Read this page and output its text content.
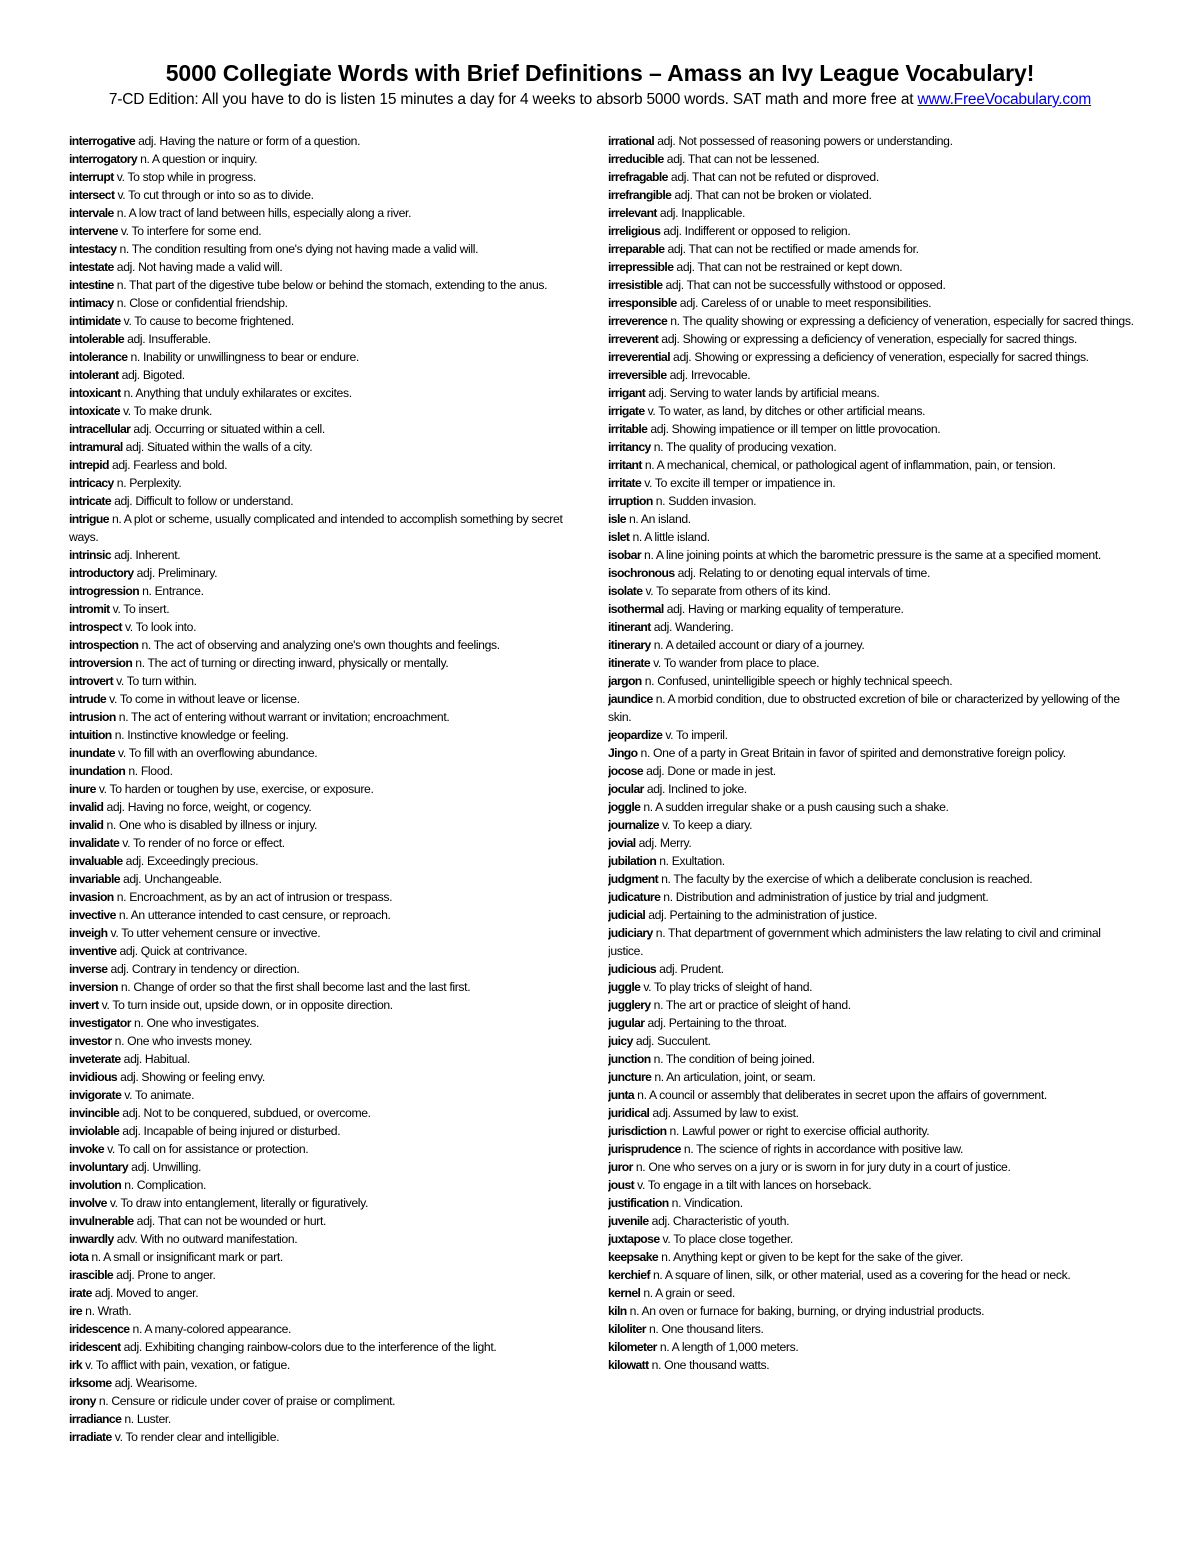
5000 Collegiate Words with Brief Definitions – Amass an Ivy League Vocabulary!
7-CD Edition: All you have to do is listen 15 minutes a day for 4 weeks to absorb 5000 words. SAT math and more free at www.FreeVocabulary.com
interrogative adj. Having the nature or form of a question.
interrogatory n. A question or inquiry.
interrupt v. To stop while in progress.
intersect v. To cut through or into so as to divide.
intervale n. A low tract of land between hills, especially along a river.
intervene v. To interfere for some end.
intestacy n. The condition resulting from one's dying not having made a valid will.
intestate adj. Not having made a valid will.
intestine n. That part of the digestive tube below or behind the stomach, extending to the anus.
intimacy n. Close or confidential friendship.
intimidate v. To cause to become frightened.
intolerable adj. Insufferable.
intolerance n. Inability or unwillingness to bear or endure.
intolerant adj. Bigoted.
intoxicant n. Anything that unduly exhilarates or excites.
intoxicate v. To make drunk.
intracellular adj. Occurring or situated within a cell.
intramural adj. Situated within the walls of a city.
intrepid adj. Fearless and bold.
intricacy n. Perplexity.
intricate adj. Difficult to follow or understand.
intrigue n. A plot or scheme, usually complicated and intended to accomplish something by secret ways.
intrinsic adj. Inherent.
introductory adj. Preliminary.
introgression n. Entrance.
intromit v. To insert.
introspect v. To look into.
introspection n. The act of observing and analyzing one's own thoughts and feelings.
introversion n. The act of turning or directing inward, physically or mentally.
introvert v. To turn within.
intrude v. To come in without leave or license.
intrusion n. The act of entering without warrant or invitation; encroachment.
intuition n. Instinctive knowledge or feeling.
inundate v. To fill with an overflowing abundance.
inundation n. Flood.
inure v. To harden or toughen by use, exercise, or exposure.
invalid adj. Having no force, weight, or cogency.
invalid n. One who is disabled by illness or injury.
invalidate v. To render of no force or effect.
invaluable adj. Exceedingly precious.
invariable adj. Unchangeable.
invasion n. Encroachment, as by an act of intrusion or trespass.
invective n. An utterance intended to cast censure, or reproach.
inveigh v. To utter vehement censure or invective.
inventive adj. Quick at contrivance.
inverse adj. Contrary in tendency or direction.
inversion n. Change of order so that the first shall become last and the last first.
invert v. To turn inside out, upside down, or in opposite direction.
investigator n. One who investigates.
investor n. One who invests money.
inveterate adj. Habitual.
invidious adj. Showing or feeling envy.
invigorate v. To animate.
invincible adj. Not to be conquered, subdued, or overcome.
inviolable adj. Incapable of being injured or disturbed.
invoke v. To call on for assistance or protection.
involuntary adj. Unwilling.
involution n. Complication.
involve v. To draw into entanglement, literally or figuratively.
invulnerable adj. That can not be wounded or hurt.
inwardly adv. With no outward manifestation.
iota n. A small or insignificant mark or part.
irascible adj. Prone to anger.
irate adj. Moved to anger.
ire n. Wrath.
iridescence n. A many-colored appearance.
iridescent adj. Exhibiting changing rainbow-colors due to the interference of the light.
irk v. To afflict with pain, vexation, or fatigue.
irksome adj. Wearisome.
irony n. Censure or ridicule under cover of praise or compliment.
irradiance n. Luster.
irradiate v. To render clear and intelligible.
irrational adj. Not possessed of reasoning powers or understanding.
irreducible adj. That can not be lessened.
irrefragable adj. That can not be refuted or disproved.
irrefrangible adj. That can not be broken or violated.
irrelevant adj. Inapplicable.
irreligious adj. Indifferent or opposed to religion.
irreparable adj. That can not be rectified or made amends for.
irrepressible adj. That can not be restrained or kept down.
irresistible adj. That can not be successfully withstood or opposed.
irresponsible adj. Careless of or unable to meet responsibilities.
irreverence n. The quality showing or expressing a deficiency of veneration, especially for sacred things.
irreverent adj. Showing or expressing a deficiency of veneration, especially for sacred things.
irreverential adj. Showing or expressing a deficiency of veneration, especially for sacred things.
irreversible adj. Irrevocable.
irrigant adj. Serving to water lands by artificial means.
irrigate v. To water, as land, by ditches or other artificial means.
irritable adj. Showing impatience or ill temper on little provocation.
irritancy n. The quality of producing vexation.
irritant n. A mechanical, chemical, or pathological agent of inflammation, pain, or tension.
irritate v. To excite ill temper or impatience in.
irruption n. Sudden invasion.
isle n. An island.
islet n. A little island.
isobar n. A line joining points at which the barometric pressure is the same at a specified moment.
isochronous adj. Relating to or denoting equal intervals of time.
isolate v. To separate from others of its kind.
isothermal adj. Having or marking equality of temperature.
itinerant adj. Wandering.
itinerary n. A detailed account or diary of a journey.
itinerate v. To wander from place to place.
jargon n. Confused, unintelligible speech or highly technical speech.
jaundice n. A morbid condition, due to obstructed excretion of bile or characterized by yellowing of the skin.
jeopardize v. To imperil.
Jingo n. One of a party in Great Britain in favor of spirited and demonstrative foreign policy.
jocose adj. Done or made in jest.
jocular adj. Inclined to joke.
joggle n. A sudden irregular shake or a push causing such a shake.
journalize v. To keep a diary.
jovial adj. Merry.
jubilation n. Exultation.
judgment n. The faculty by the exercise of which a deliberate conclusion is reached.
judicature n. Distribution and administration of justice by trial and judgment.
judicial adj. Pertaining to the administration of justice.
judiciary n. That department of government which administers the law relating to civil and criminal justice.
judicious adj. Prudent.
juggle v. To play tricks of sleight of hand.
jugglery n. The art or practice of sleight of hand.
jugular adj. Pertaining to the throat.
juicy adj. Succulent.
junction n. The condition of being joined.
juncture n. An articulation, joint, or seam.
junta n. A council or assembly that deliberates in secret upon the affairs of government.
juridical adj. Assumed by law to exist.
jurisdiction n. Lawful power or right to exercise official authority.
jurisprudence n. The science of rights in accordance with positive law.
juror n. One who serves on a jury or is sworn in for jury duty in a court of justice.
joust v. To engage in a tilt with lances on horseback.
justification n. Vindication.
juvenile adj. Characteristic of youth.
juxtapose v. To place close together.
keepsake n. Anything kept or given to be kept for the sake of the giver.
kerchief n. A square of linen, silk, or other material, used as a covering for the head or neck.
kernel n. A grain or seed.
kiln n. An oven or furnace for baking, burning, or drying industrial products.
kiloliter n. One thousand liters.
kilometer n. A length of 1,000 meters.
kilowatt n. One thousand watts.
